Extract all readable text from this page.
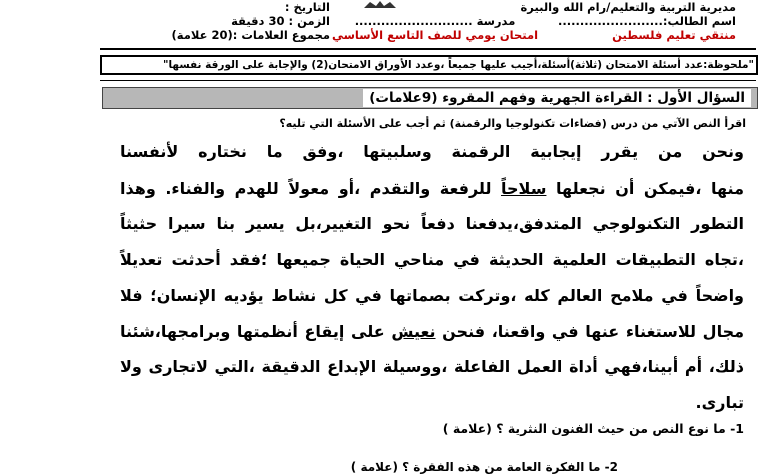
مديرية التربية والتعليم/رام الله والبيرة
اسم الطالب:........................
منتقي تعليم فلسطين
مدرسة ...........................
امتحان يومي للصف التاسع الأساسي
التاريخ :
الزمن : 30 دقيقة
مجموع العلامات :(20 علامة)
"ملحوظة:عدد أسئلة الامتحان (ثلاثة)أسئلة،أجيب عليها جميعاً ،وعدد الأوراق الامتحان(2) والإجابة على الورقة نفسها"
السؤال الأول : القراءة الجهرية وفهم المقروء (9علامات)
اقرأ النص الآتي من درس (فضاءات تكنولوجيا والرقمنة) ثم أجب على الأسئلة التي تليه؟
ونحن من يقرر إيجابية الرقمنة وسلبيتها ،وفق ما نختاره لأنفسنا
منها ،فيمكن أن نجعلها سلاحاً للرفعة والتقدم ،أو معولاً للهدم والفناء. وهذا
التطور التكنولوجي المتدفق،يدفعنا دفعاً نحو التغيير،بل يسير بنا سيرا حثيثاً
،تجاه التطبيقات العلمية الحديثة في مناحي الحياة جميعها ؛فقد أحدثت تعديلاً
واضحاً في ملامح العالم كله ،وتركت بصماتها في كل نشاط يؤديه الإنسان؛ فلا
مجال للاستغناء عنها في واقعنا، فنحن نعيش على إيقاع أنظمتها وبرامجها،شئنا
ذلك، أم أبينا،فهي أداة العمل الفاعلة ،ووسيلة الإبداع الدقيقة ،التي لاتجارى ولا
تبارى.
1- ما نوع النص من حيث الفنون النثرية ؟ (علامة )
2- ما الفكرة العامة من هذه الفقرة ؟ (علامة )
